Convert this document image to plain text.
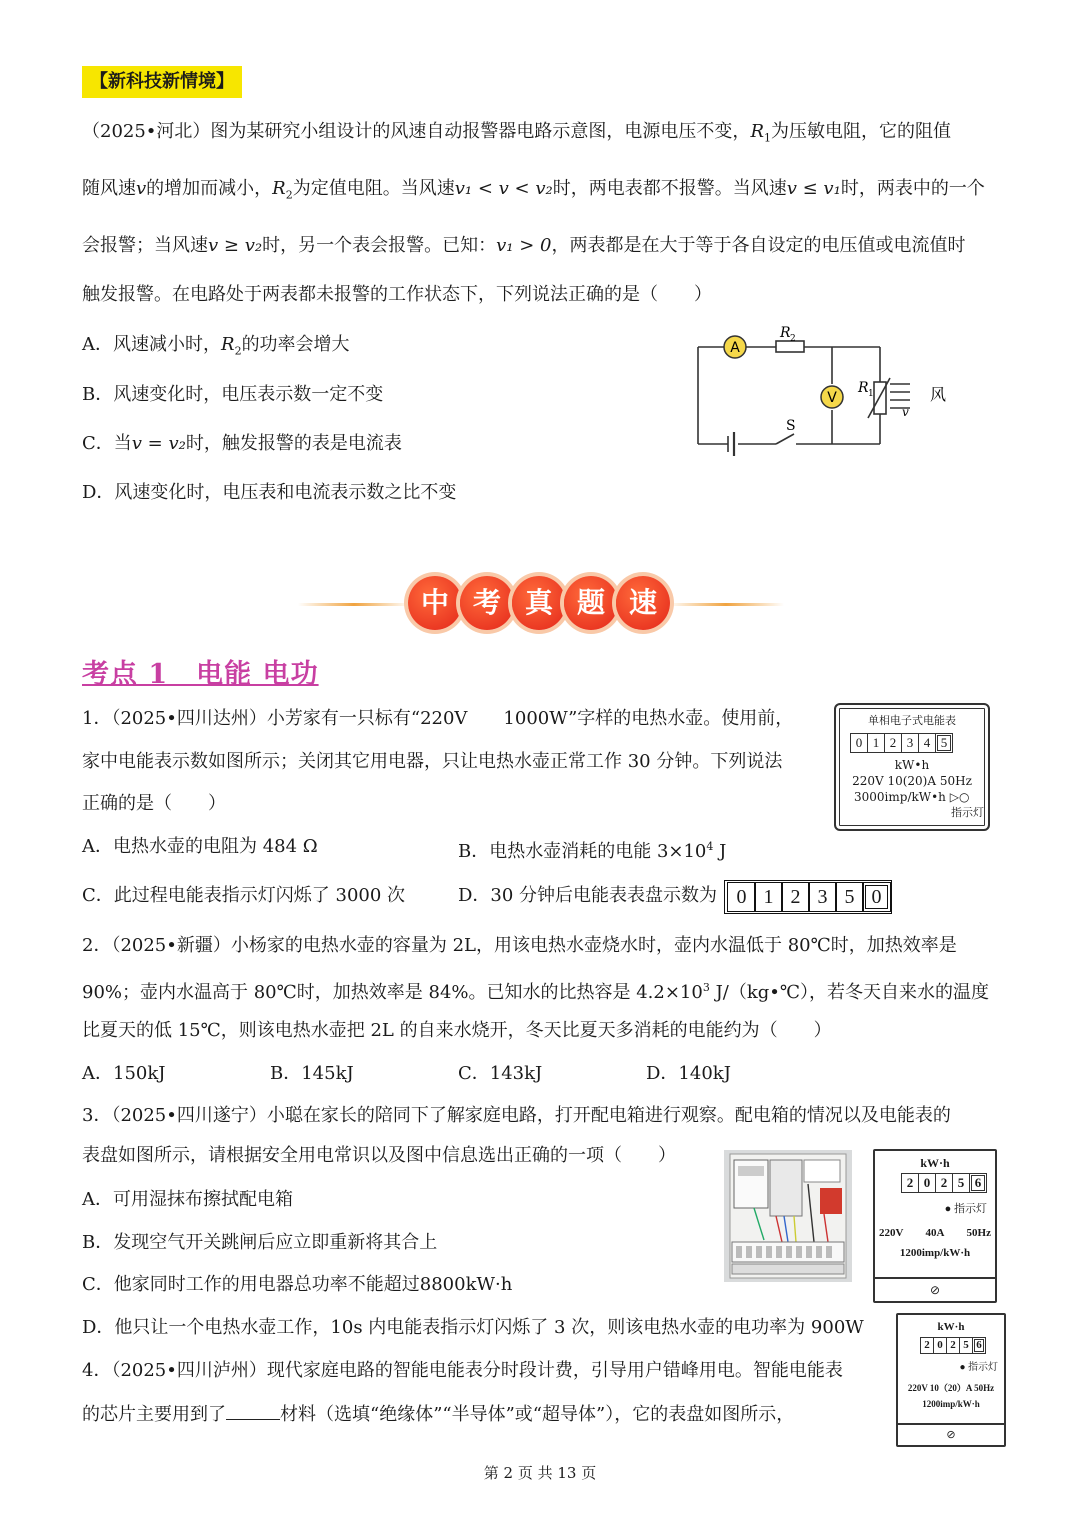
【新科技新情境】
（2025•河北）图为某研究小组设计的风速自动报警器电路示意图，电源电压不变，$R_1$为压敏电阻，它的阻值
随风速v的增加而减小，$R_2$为定值电阻。当风速v₁ < v < v₂时，两电表都不报警。当风速v ≤ v₁时，两表中的一个
会报警；当风速v ≥ v₂时，另一个表会报警。已知：v₁ > 0，两表都是在大于等于各自设定的电压值或电流值时
触发报警。在电路处于两表都未报警的工作状态下，下列说法正确的是（　　）
A．风速减小时，$R_2$的功率会增大
B．风速变化时，电压表示数一定不变
C．当v = v₂时，触发报警的表是电流表
D．风速变化时，电压表和电流表示数之比不变
A
V
R 2
R 1
S
风
v
中 考 真 题 速
考点 1　电能 电功
1．（2025•四川达州）小芳家有一只标有“220V　　1000W”字样的电热水壶。使用前，
家中电能表示数如图所示；关闭其它用电器，只让电热水壶正常工作 30 分钟。下列说法
正确的是（　　）
A．电热水壶的电阻为 484 Ω	B．电热水壶消耗的电能 $3\times 10^4$ J
C．此过程电能表指示灯闪烁了 3000 次	D．30 分钟后电能表表盘示数为 0 1 2 3 5 0
单相电子式电能表
0 1 2 3 4 5
kW•h
220V 10(20)A 50Hz
3000imp/kW•h ▷○
指示灯
2．（2025•新疆）小杨家的电热水壶的容量为 2L，用该电热水壶烧水时，壶内水温低于 80℃时，加热效率是
90%；壶内水温高于 80℃时，加热效率是 84%。已知水的比热容是 $4.2\times 10^3$ J/（kg•℃），若冬天自来水的温度
比夏天的低 15℃，则该电热水壶把 2L 的自来水烧开，冬天比夏天多消耗的电能约为（　　）
A．150kJ	B．145kJ	C．143kJ	D．140kJ
3．（2025•四川遂宁）小聪在家长的陪同下了解家庭电路，打开配电箱进行观察。配电箱的情况以及电能表的
表盘如图所示，请根据安全用电常识以及图中信息选出正确的一项（　　）
A．可用湿抹布擦拭配电箱
B．发现空气开关跳闸后应立即重新将其合上
C．他家同时工作的用电器总功率不能超过8800kW·h
D．他只让一个电热水壶工作，10s 内电能表指示灯闪烁了 3 次，则该电热水壶的电功率为 900W
kW·h
2 0 2 5 6
● 指示灯
220V 40A 50Hz
1200imp/kW·h
⊘
4．（2025•四川泸州）现代家庭电路的智能电能表分时段计费，引导用户错峰用电。智能电能表
的芯片主要用到了	材料（选填“绝缘体”“半导体”或“超导体”），它的表盘如图所示，
kW·h
2 0 2 5 6
● 指示灯
220V 10（20）A 50Hz
1200imp/kW·h
⊘
第 2 页 共 13 页
